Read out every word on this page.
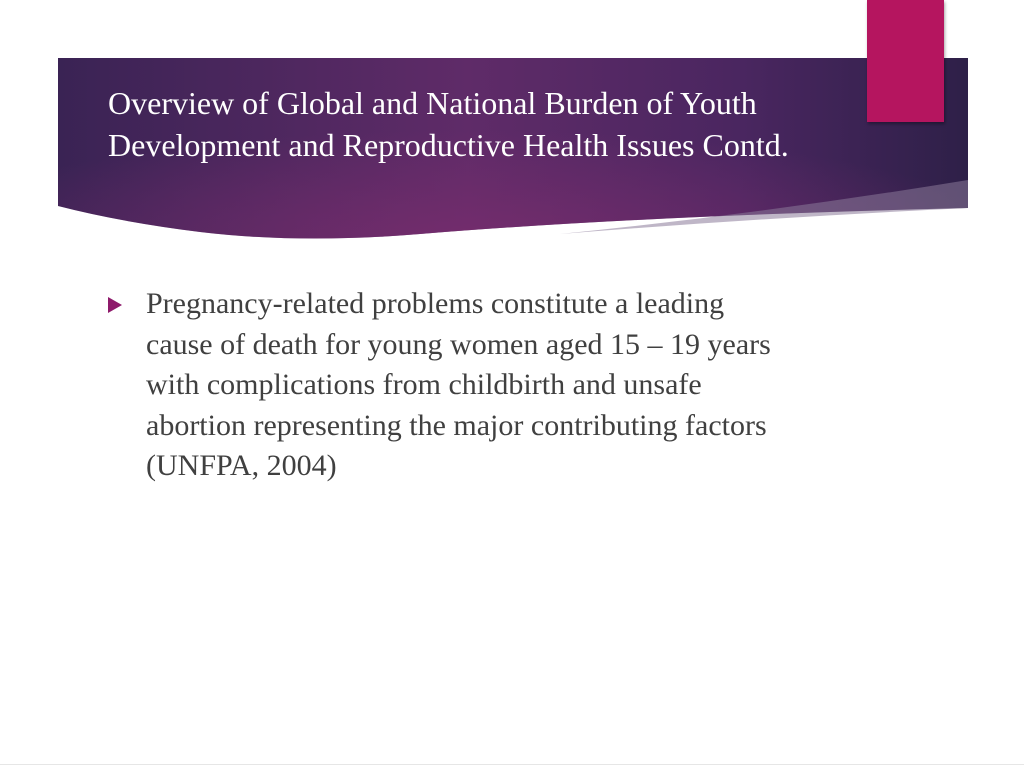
Overview of Global and National Burden of Youth Development and Reproductive Health Issues Contd.
Pregnancy-related problems constitute a leading cause of death for young women aged 15 – 19 years with complications from childbirth and unsafe abortion representing the major contributing factors (UNFPA, 2004)
